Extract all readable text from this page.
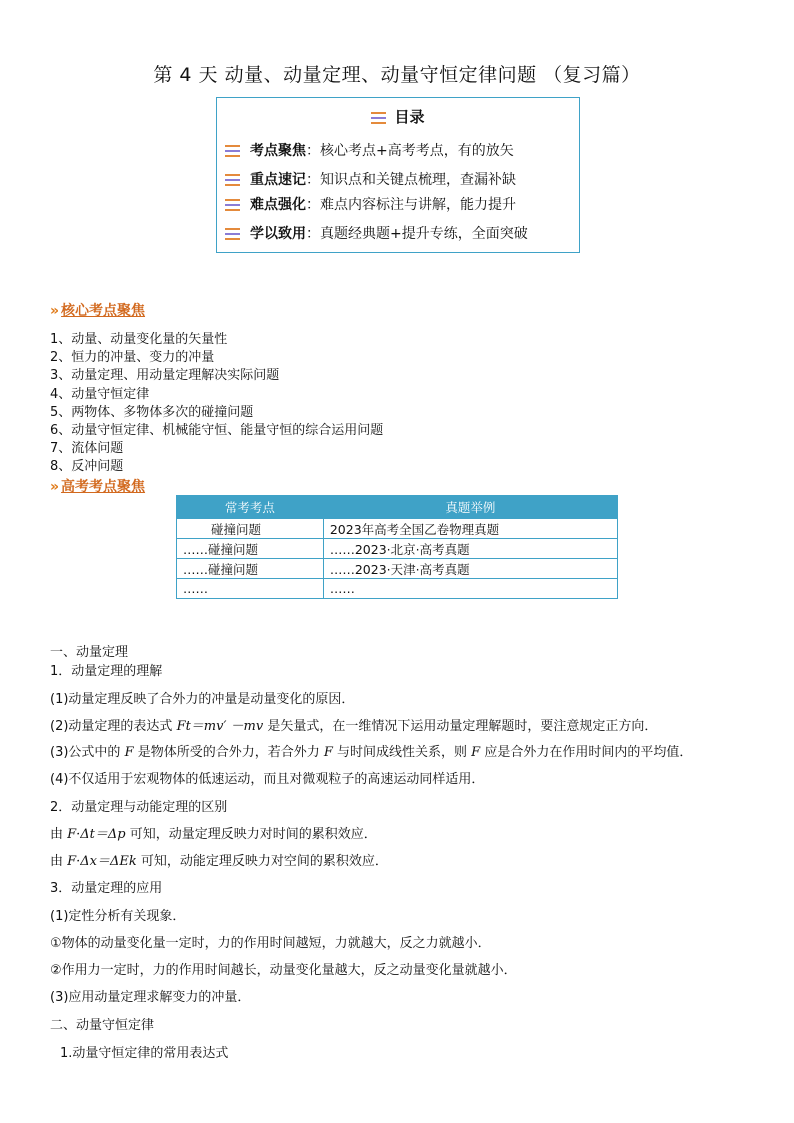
第 4 天 动量、动量定理、动量守恒定律问题 （复习篇）
目录
考点聚焦：核心考点+高考考点，有的放矢
重点速记：知识点和关键点梳理，查漏补缺
难点强化：难点内容标注与讲解，能力提升
学以致用：真题经典题+提升专练，全面突破
» 核心考点聚焦
1、动量、动量变化量的矢量性
2、恒力的冲量、变力的冲量
3、动量定理、用动量定理解决实际问题
4、动量守恒定律
5、两物体、多物体多次的碰撞问题
6、动量守恒定律、机械能守恒、能量守恒的综合运用问题
7、流体问题
8、反冲问题
» 高考考点聚焦
常考考点	真题举例
碰撞问题	2023年高考全国乙卷物理真题
……碰撞问题	……2023·北京·高考真题
……碰撞问题	……2023·天津·高考真题
……	……
一、动量定理
1．动量定理的理解
(1)动量定理反映了合外力的冲量是动量变化的原因．
(2)动量定理的表达式 Ft＝mv′ －mv 是矢量式，在一维情况下运用动量定理解题时，要注意规定正方向．
(3)公式中的 F 是物体所受的合外力，若合外力 F 与时间成线性关系，则 F 应是合外力在作用时间内的平均值．
(4)不仅适用于宏观物体的低速运动，而且对微观粒子的高速运动同样适用．
2．动量定理与动能定理的区别
由 F·Δt＝Δp 可知，动量定理反映力对时间的累积效应．
由 F·Δx＝ΔEk 可知，动能定理反映力对空间的累积效应．
3．动量定理的应用
(1)定性分析有关现象．
①物体的动量变化量一定时，力的作用时间越短，力就越大，反之力就越小．
②作用力一定时，力的作用时间越长，动量变化量越大，反之动量变化量就越小．
(3)应用动量定理求解变力的冲量．
二、动量守恒定律
1.动量守恒定律的常用表达式
